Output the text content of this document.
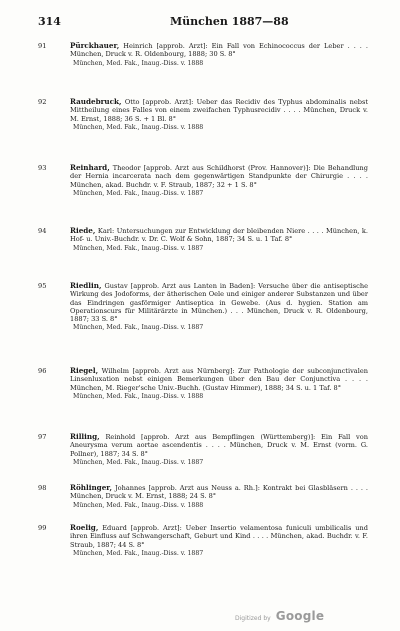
314	München 1887—88
91	Pürckhauer, Heinrich [approb. Arzt]: Ein Fall von Echinococcus der Leber . . . . München, Druck v. R. Oldenbourg, 1888; 30 S. 8°
München, Med. Fak., Inaug.-Diss. v. 1888
92	Raudebruck, Otto [approb. Arzt]: Ueber das Recidiv des Typhus abdominalis nebst Mittheilung eines Falles von einem zweifachen Typhusrecidiv . . . . München, Druck v. M. Ernst, 1888; 36 S. + 1 Bl. 8°
München, Med. Fak., Inaug.-Diss. v. 1888
93	Reinhard, Theodor [approb. Arzt aus Schildhorst (Prov. Hannover)]: Die Behandlung der Hernia incarcerata nach dem gegenwärtigen Standpunkte der Chirurgie . . . . München, akad. Buchdr. v. F. Straub, 1887; 32 + 1 S. 8°
München, Med. Fak., Inaug.-Diss. v. 1887
94	Riede, Karl: Untersuchungen zur Entwicklung der bleibenden Niere . . . . München, k. Hof- u. Univ.-Buchdr. v. Dr. C. Wolf & Sohn, 1887; 34 S. u. 1 Taf. 8°
München, Med. Fak., Inaug.-Diss. v. 1887
95	Riedlin, Gustav [approb. Arzt aus Lanten in Baden]: Versuche über die antiseptische Wirkung des Jodoforms, der ätherischen Oele und einiger anderer Substanzen und über das Eindringen gasförmiger Antiseptica in Gewebe. (Aus d. hygien. Station am Operationscurs für Militärärzte in München.) . . . München, Druck v. R. Oldenbourg, 1887; 33 S. 8°
München, Med. Fak., Inaug.-Diss. v. 1887
96	Riegel, Wilhelm [approb. Arzt aus Nürnberg]: Zur Pathologie der subconjunctivalen Linsenluxation nebst einigen Bemerkungen über den Bau der Conjunctiva . . . . München, M. Rieger'sche Univ.-Buchh. (Gustav Himmer), 1888; 34 S. u. 1 Taf. 8°
München, Med. Fak., Inaug.-Diss. v. 1888
97	Rilling, Reinhold [approb. Arzt aus Bempflingen (Württemberg)]: Ein Fall von Aneurysma verum aortae ascendentis . . . . München, Druck v. M. Ernst (vorm. G. Pollner), 1887; 34 S. 8°
München, Med. Fak., Inaug.-Diss. v. 1887
98	Röhlinger, Johannes [approb. Arzt aus Neuss a. Rh.]: Kontrakt bei Glasbläsern . . . . München, Druck v. M. Ernst, 1888; 24 S. 8°
München, Med. Fak., Inaug.-Diss. v. 1888
99	Roelig, Eduard [approb. Arzt]: Ueber Insertio velamentosa funiculi umbilicalis und ihren Einfluss auf Schwangerschaft, Geburt und Kind . . . . München, akad. Buchdr. v. F. Straub, 1887; 44 S. 8°
München, Med. Fak., Inaug.-Diss. v. 1887
Digitized by Google
